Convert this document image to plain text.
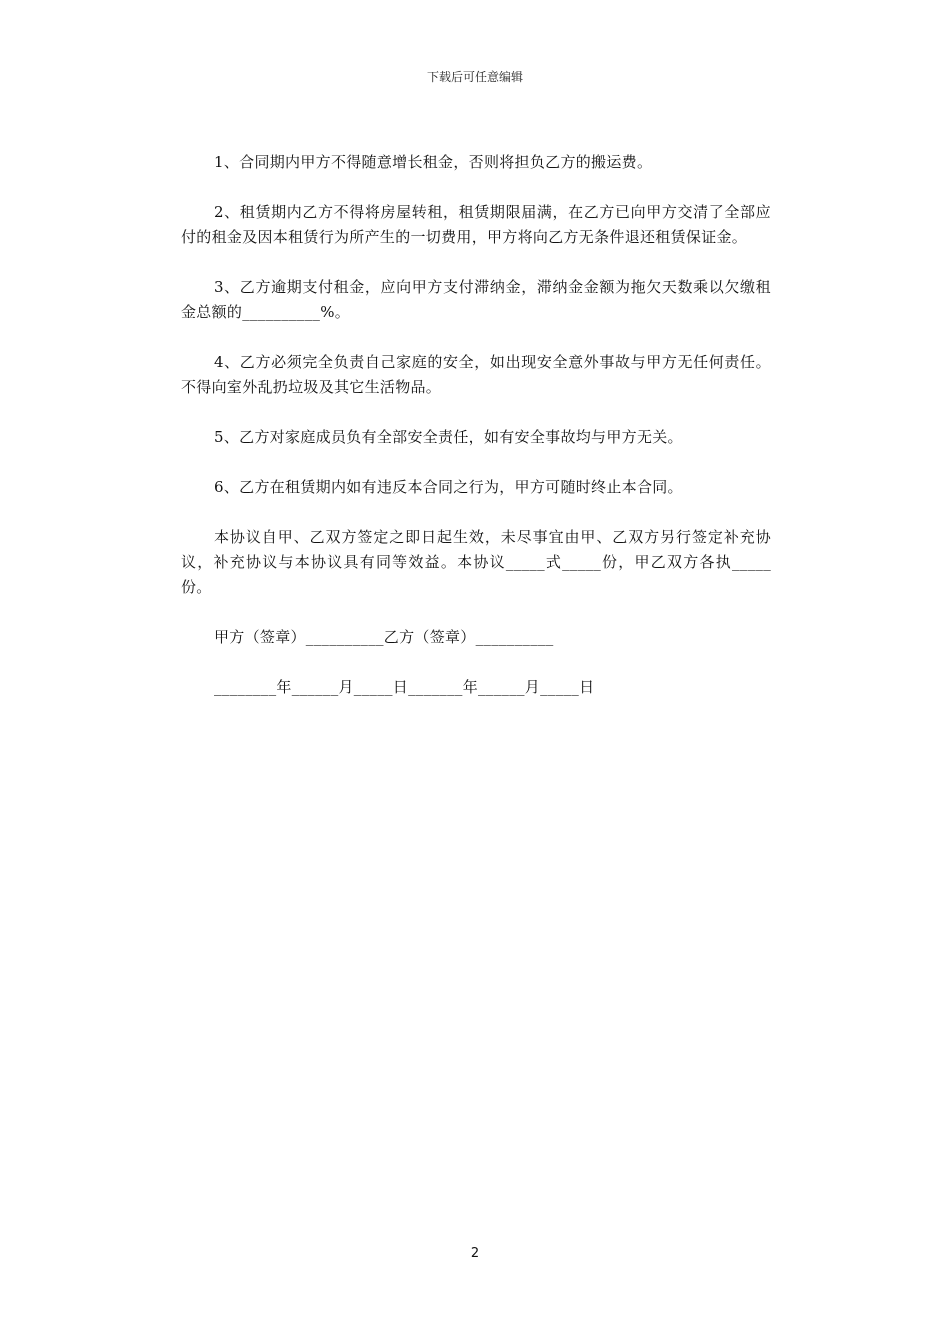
下载后可任意编辑

1、合同期内甲方不得随意增长租金，否则将担负乙方的搬运费。

2、租赁期内乙方不得将房屋转租，租赁期限届满，在乙方已向甲方交清了全部应付的租金及因本租赁行为所产生的一切费用，甲方将向乙方无条件退还租赁保证金。

3、乙方逾期支付租金，应向甲方支付滞纳金，滞纳金金额为拖欠天数乘以欠缴租金总额的__________%。

4、乙方必须完全负责自己家庭的安全，如出现安全意外事故与甲方无任何责任。不得向室外乱扔垃圾及其它生活物品。

5、乙方对家庭成员负有全部安全责任，如有安全事故均与甲方无关。

6、乙方在租赁期内如有违反本合同之行为，甲方可随时终止本合同。

本协议自甲、乙双方签定之即日起生效，未尽事宜由甲、乙双方另行签定补充协议，补充协议与本协议具有同等效益。本协议_____式_____份，甲乙双方各执_____份。

甲方（签章）__________乙方（签章）__________

________年______月_____日_______年______月_____日

2
